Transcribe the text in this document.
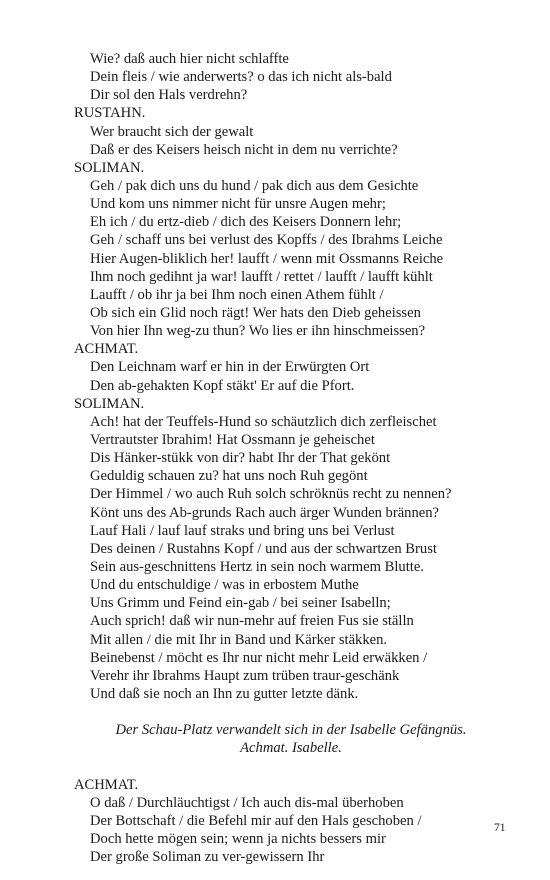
Wie? daß auch hier nicht schlaffte
Dein fleis / wie anderwerts? o das ich nicht als-bald
Dir sol den Hals verdrehn?
RUSTAHN.
Wer braucht sich der gewalt
Daß er des Keisers heisch nicht in dem nu verrichte?
SOLIMAN.
Geh / pak dich uns du hund / pak dich aus dem Gesichte
Und kom uns nimmer nicht für unsre Augen mehr;
Eh ich / du ertz-dieb / dich des Keisers Donnern lehr;
Geh / schaff uns bei verlust des Kopffs / des Ibrahms Leiche
Hier Augen-bliklich her! laufft / wenn mit Ossmanns Reiche
Ihm noch gedihnt ja war! laufft / rettet / laufft / laufft kühlt
Laufft / ob ihr ja bei Ihm noch einen Athem fühlt /
Ob sich ein Glid noch rägt! Wer hats den Dieb geheissen
Von hier Ihn weg-zu thun? Wo lies er ihn hinschmeissen?
ACHMAT.
Den Leichnam warf er hin in der Erwürgten Ort
Den ab-gehakten Kopf stäkt' Er auf die Pfort.
SOLIMAN.
Ach! hat der Teuffels-Hund so schäutzlich dich zerfleischet
Vertrautster Ibrahim! Hat Ossmann je geheischet
Dis Hänker-stükk von dir? habt Ihr der That gekönt
Geduldig schauen zu? hat uns noch Ruh gegönt
Der Himmel / wo auch Ruh solch schröknüs recht zu nennen?
Könt uns des Ab-grunds Rach auch ärger Wunden brännen?
Lauf Hali / lauf lauf straks und bring uns bei Verlust
Des deinen / Rustahns Kopf / und aus der schwartzen Brust
Sein aus-geschnittens Hertz in sein noch warmem Blutte.
Und du entschuldige / was in erbostem Muthe
Uns Grimm und Feind ein-gab / bei seiner Isabelln;
Auch sprich! daß wir nun-mehr auf freien Fus sie ställn
Mit allen / die mit Ihr in Band und Kärker stäkken.
Beinebenst / möcht es Ihr nur nicht mehr Leid erwäkken /
Verehr ihr Ibrahms Haupt zum trüben traur-geschänk
Und daß sie noch an Ihn zu gutter letzte dänk.
Der Schau-Platz verwandelt sich in der Isabelle Gefängnüs.
Achmat. Isabelle.
ACHMAT.
O daß / Durchläuchtigst / Ich auch dis-mal überhoben
Der Bottschaft / die Befehl mir auf den Hals geschoben /
Doch hette mögen sein; wenn ja nichts bessers mir
Der große Soliman zu ver-gewissern Ihr
71
